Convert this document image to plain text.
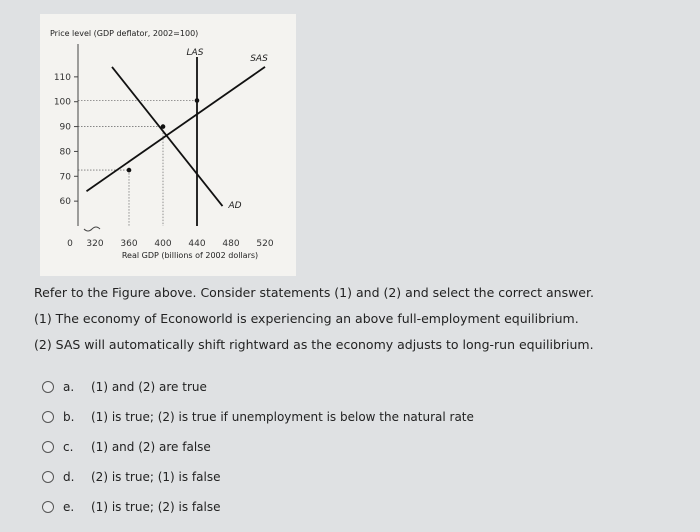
60
70
80
90
100
110
320 360 400 440 480 520
0
LAS
SAS
AD
Price level (GDP deflator, 2002=100)
Real GDP (billions of 2002 dollars)
Refer to the Figure above. Consider statements (1) and (2) and select the correct answer.
(1) The economy of Econoworld is experiencing an above full-employment equilibrium.
(2) SAS will automatically shift rightward as the economy adjusts to long-run equilibrium.
a.	(1) and (2) are true
b.	(1) is true; (2) is true if unemployment is below the natural rate
c.	(1) and (2) are false
d.	(2) is true; (1) is false
e.	(1) is true; (2) is false
